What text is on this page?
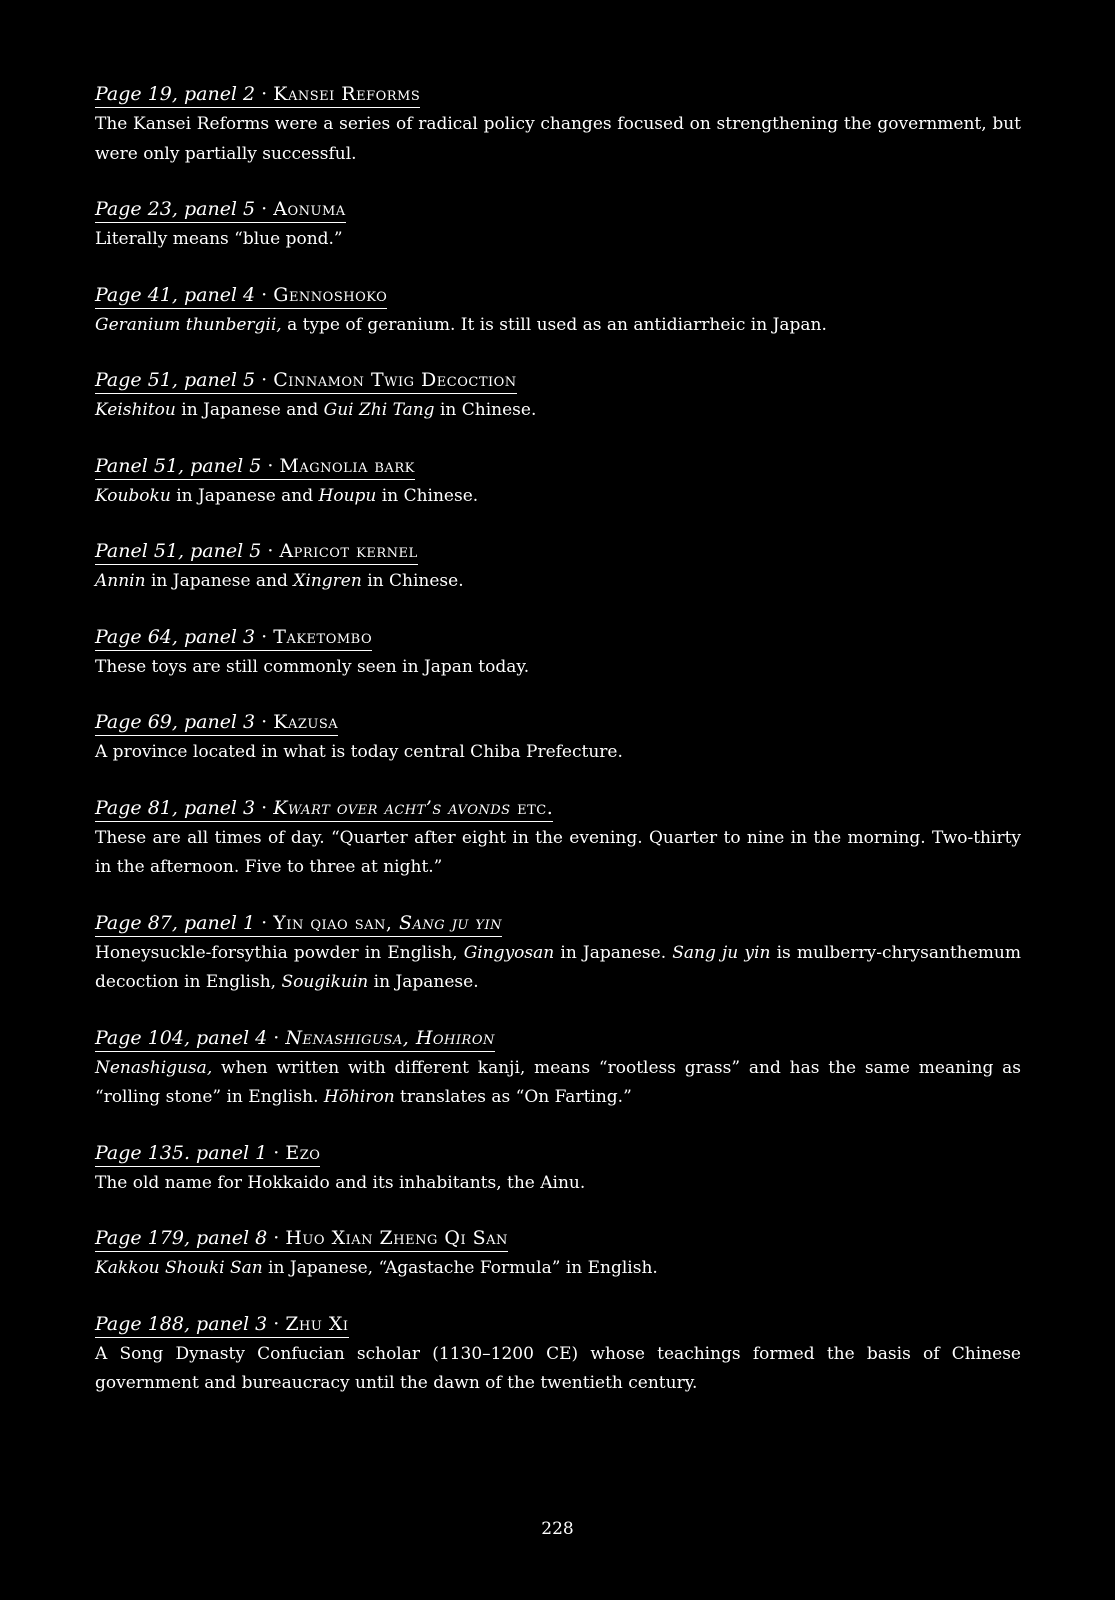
Page 19, panel 2 · Kansei Reforms

The Kansei Reforms were a series of radical policy changes focused on strengthening the government, but were only partially successful.

Page 23, panel 5 · Aonuma

Literally means “blue pond.”

Page 41, panel 4 · Gennoshoko

Geranium thunbergii, a type of geranium. It is still used as an antidiarrheic in Japan.

Page 51, panel 5 · Cinnamon Twig Decoction

Keishitou in Japanese and Gui Zhi Tang in Chinese.

Panel 51, panel 5 · Magnolia bark

Kouboku in Japanese and Houpu in Chinese.

Panel 51, panel 5 · Apricot kernel

Annin in Japanese and Xingren in Chinese.

Page 64, panel 3 · Taketombo

These toys are still commonly seen in Japan today.

Page 69, panel 3 · Kazusa

A province located in what is today central Chiba Prefecture.

Page 81, panel 3 · Kwart over acht’s avonds etc.

These are all times of day. “Quarter after eight in the evening. Quarter to nine in the morning. Two-thirty in the afternoon. Five to three at night.”

Page 87, panel 1 · Yin qiao san, Sang ju yin

Honeysuckle-forsythia powder in English, Gingyosan in Japanese. Sang ju yin is mulberry-chrysanthemum decoction in English, Sougikuin in Japanese.

Page 104, panel 4 · Nenashigusa, Hohiron

Nenashigusa, when written with different kanji, means “rootless grass” and has the same meaning as “rolling stone” in English. Hōhiron translates as “On Farting.”

Page 135. panel 1 · Ezo

The old name for Hokkaido and its inhabitants, the Ainu.

Page 179, panel 8 · Huo Xian Zheng Qi San

Kakkou Shouki San in Japanese, “Agastache Formula” in English.

Page 188, panel 3 · Zhu Xi

A Song Dynasty Confucian scholar (1130–1200 CE) whose teachings formed the basis of Chinese government and bureaucracy until the dawn of the twentieth century.

228
